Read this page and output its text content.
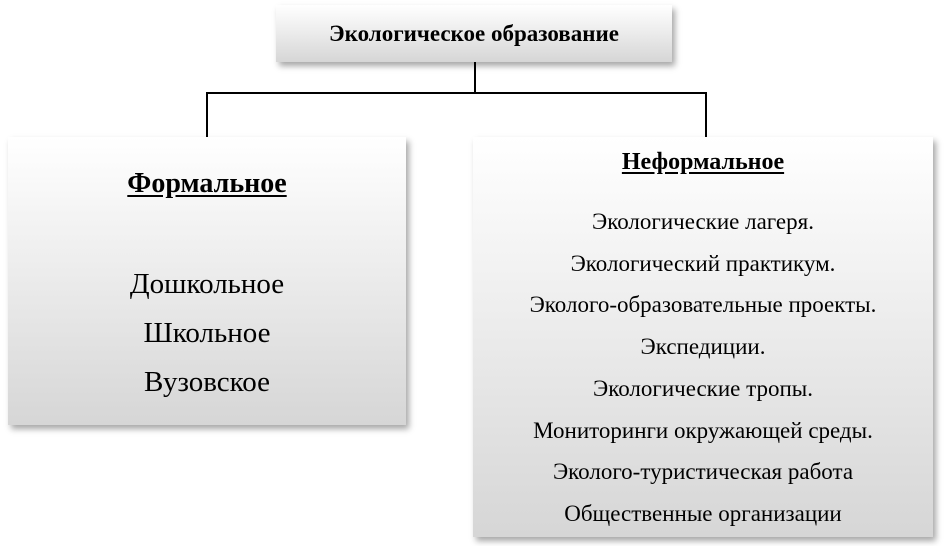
Экологическое образование
Формальное
Дошкольное
Школьное
Вузовское
Неформальное
Экологические лагеря.
Экологический практикум.
Эколого-образовательные проекты.
Экспедиции.
Экологические тропы.
Мониторинги окружающей среды.
Эколого-туристическая работа
Общественные организации
